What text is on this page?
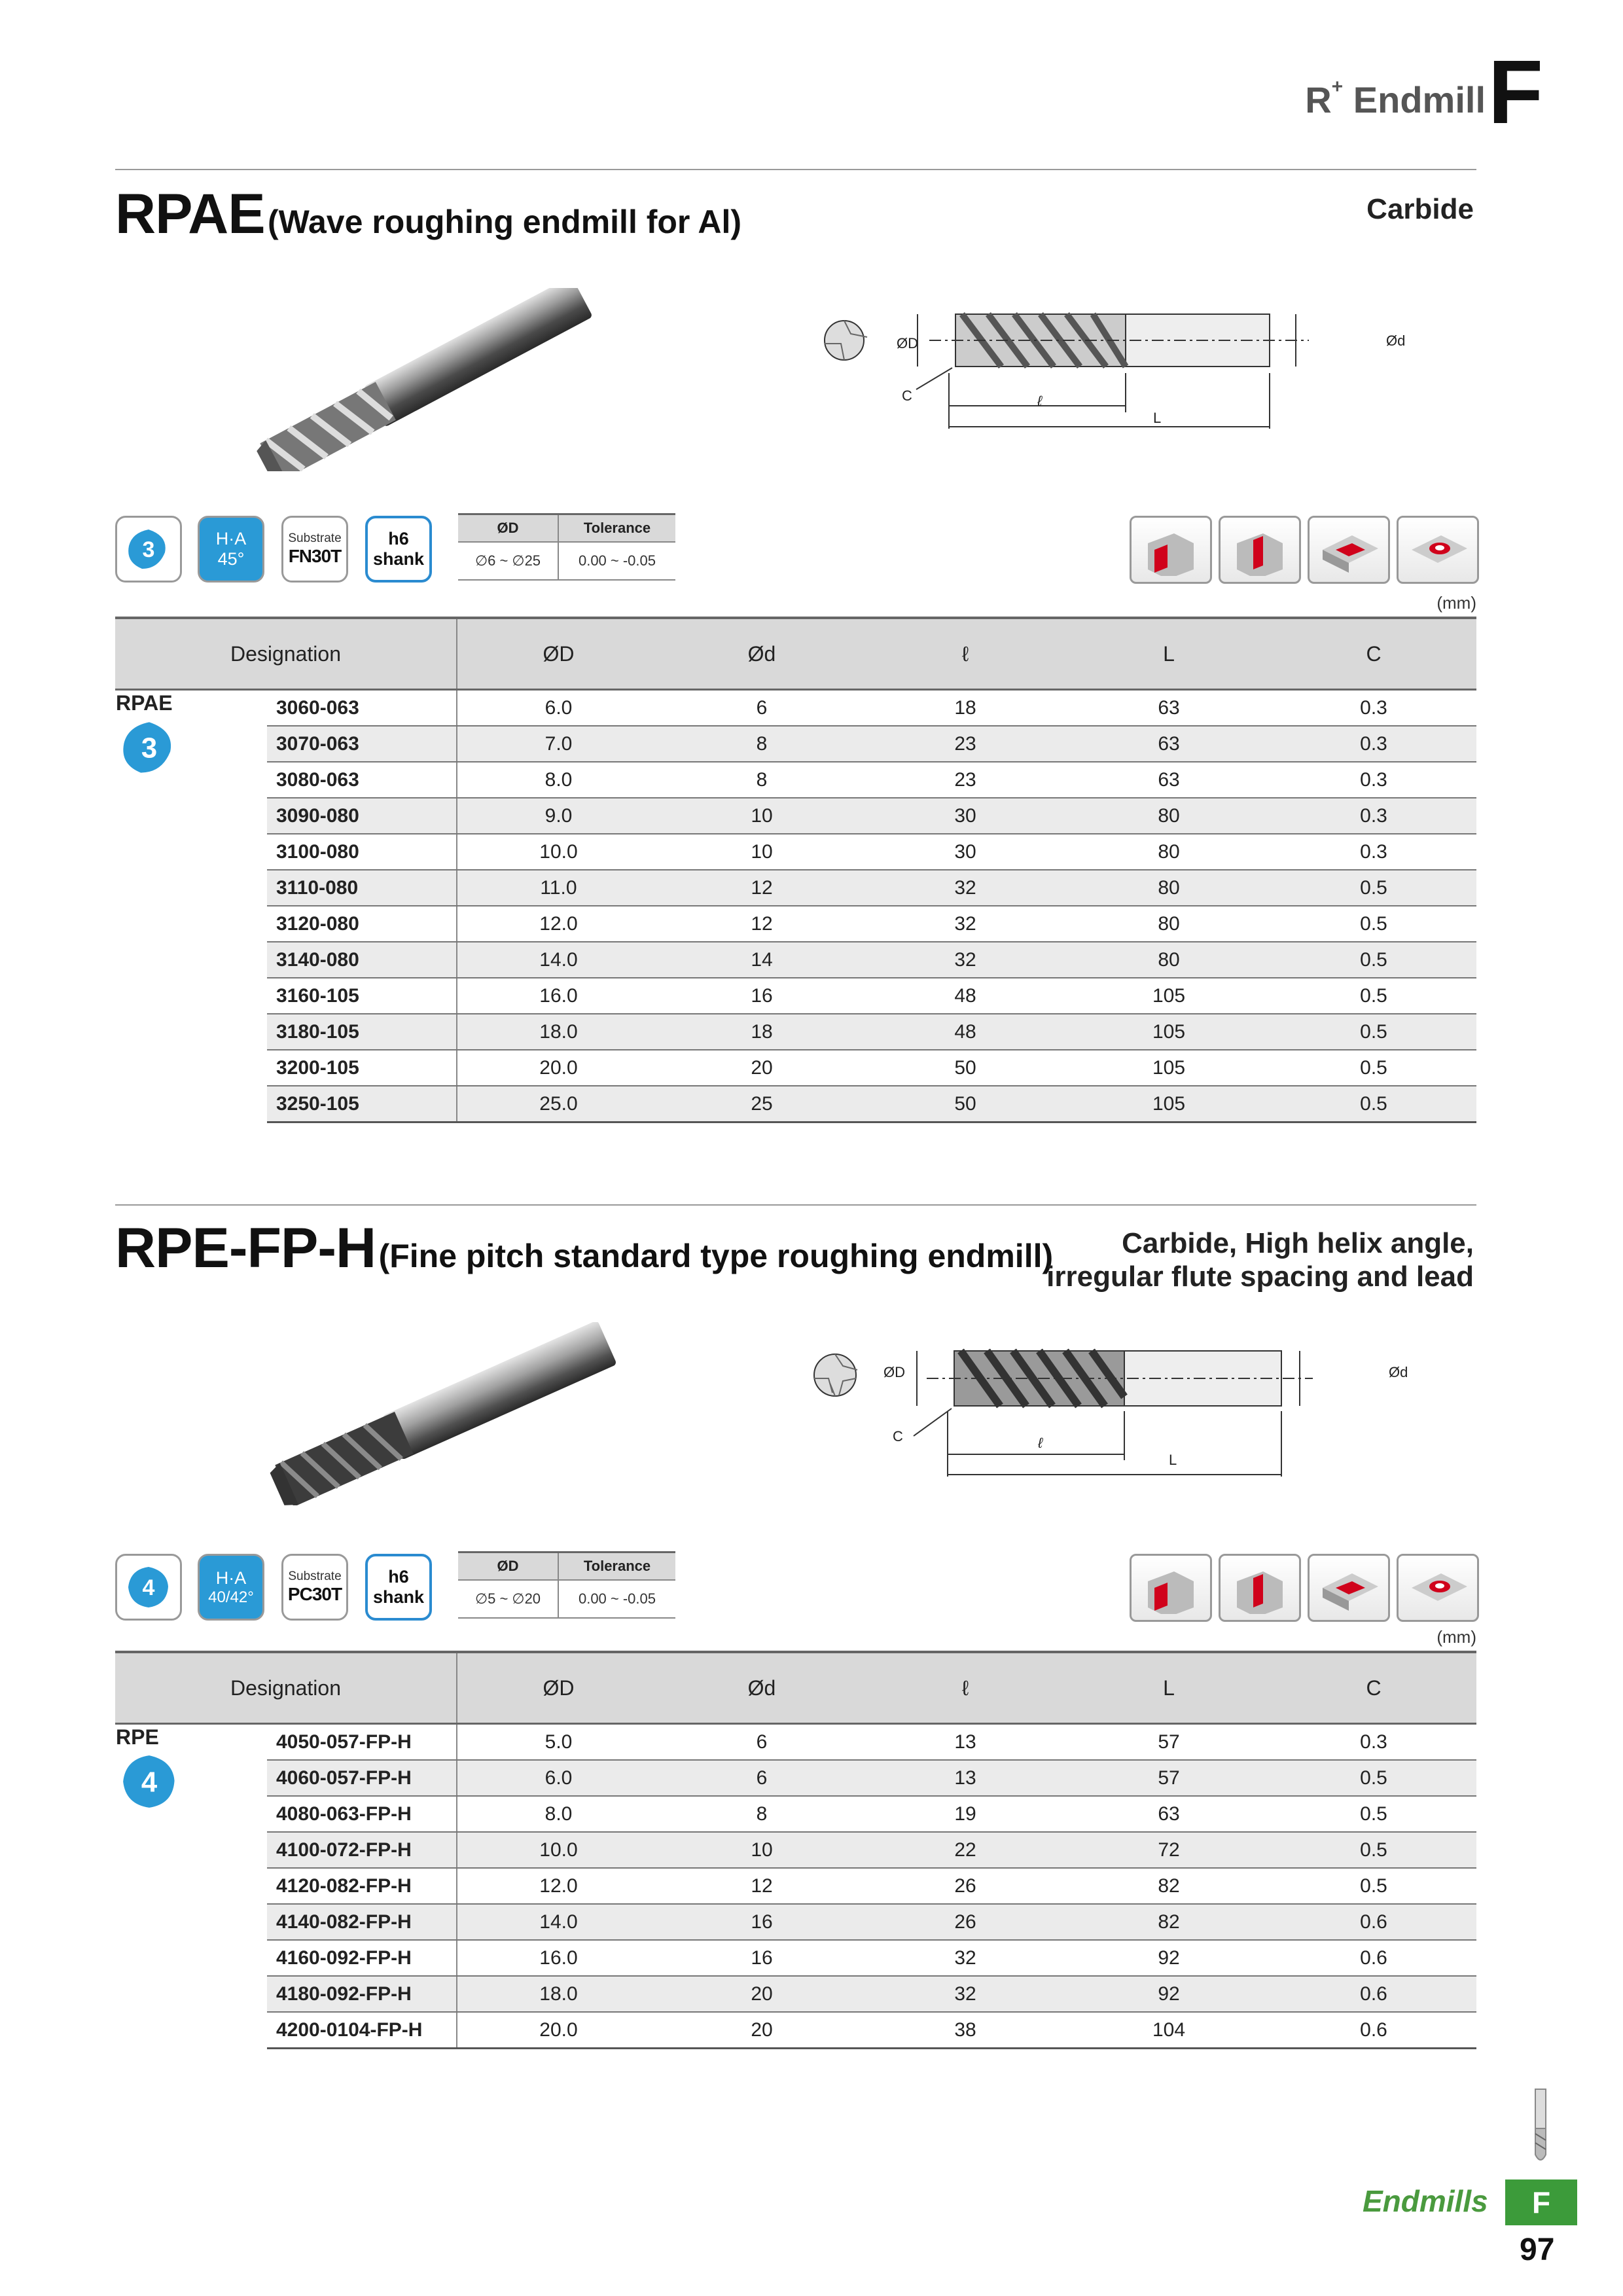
R+ Endmill F
RPAE (Wave roughing endmill for Al)	Carbide
ØD	Ød
C	ℓ
L
3	H·A
45°
Substrate
FN30T
h6
shank
ØD	Tolerance
∅6 ~ ∅25	0.00 ~ -0.05
(mm)
Designation		ØD	Ød	ℓ	L	C

RPAE
3	3060-063	6.0	6	18	63	0.3
	3070-063	7.0	8	23	63	0.3
	3080-063	8.0	8	23	63	0.3
	3090-080	9.0	10	30	80	0.3
	3100-080	10.0	10	30	80	0.3
	3110-080	11.0	12	32	80	0.5
	3120-080	12.0	12	32	80	0.5
	3140-080	14.0	14	32	80	0.5
	3160-105	16.0	16	48	105	0.5
	3180-105	18.0	18	48	105	0.5
	3200-105	20.0	20	50	105	0.5
	3250-105	25.0	25	50	105	0.5
RPE-FP-H (Fine pitch standard type roughing endmill)	Carbide, High helix angle,
irregular flute spacing and lead
ØD	Ød
C	ℓ
L
4	H·A
40/42°
Substrate
PC30T
h6
shank
ØD	Tolerance
∅5 ~ ∅20	0.00 ~ -0.05
(mm)
Designation		ØD	Ød	ℓ	L	C

RPE
4	4050-057-FP-H	5.0	6	13	57	0.3
	4060-057-FP-H	6.0	6	13	57	0.5
	4080-063-FP-H	8.0	8	19	63	0.5
	4100-072-FP-H	10.0	10	22	72	0.5
	4120-082-FP-H	12.0	12	26	82	0.5
	4140-082-FP-H	14.0	16	26	82	0.6
	4160-092-FP-H	16.0	16	32	92	0.6
	4180-092-FP-H	18.0	20	32	92	0.6
	4200-0104-FP-H	20.0	20	38	104	0.6
Endmills	F
97
